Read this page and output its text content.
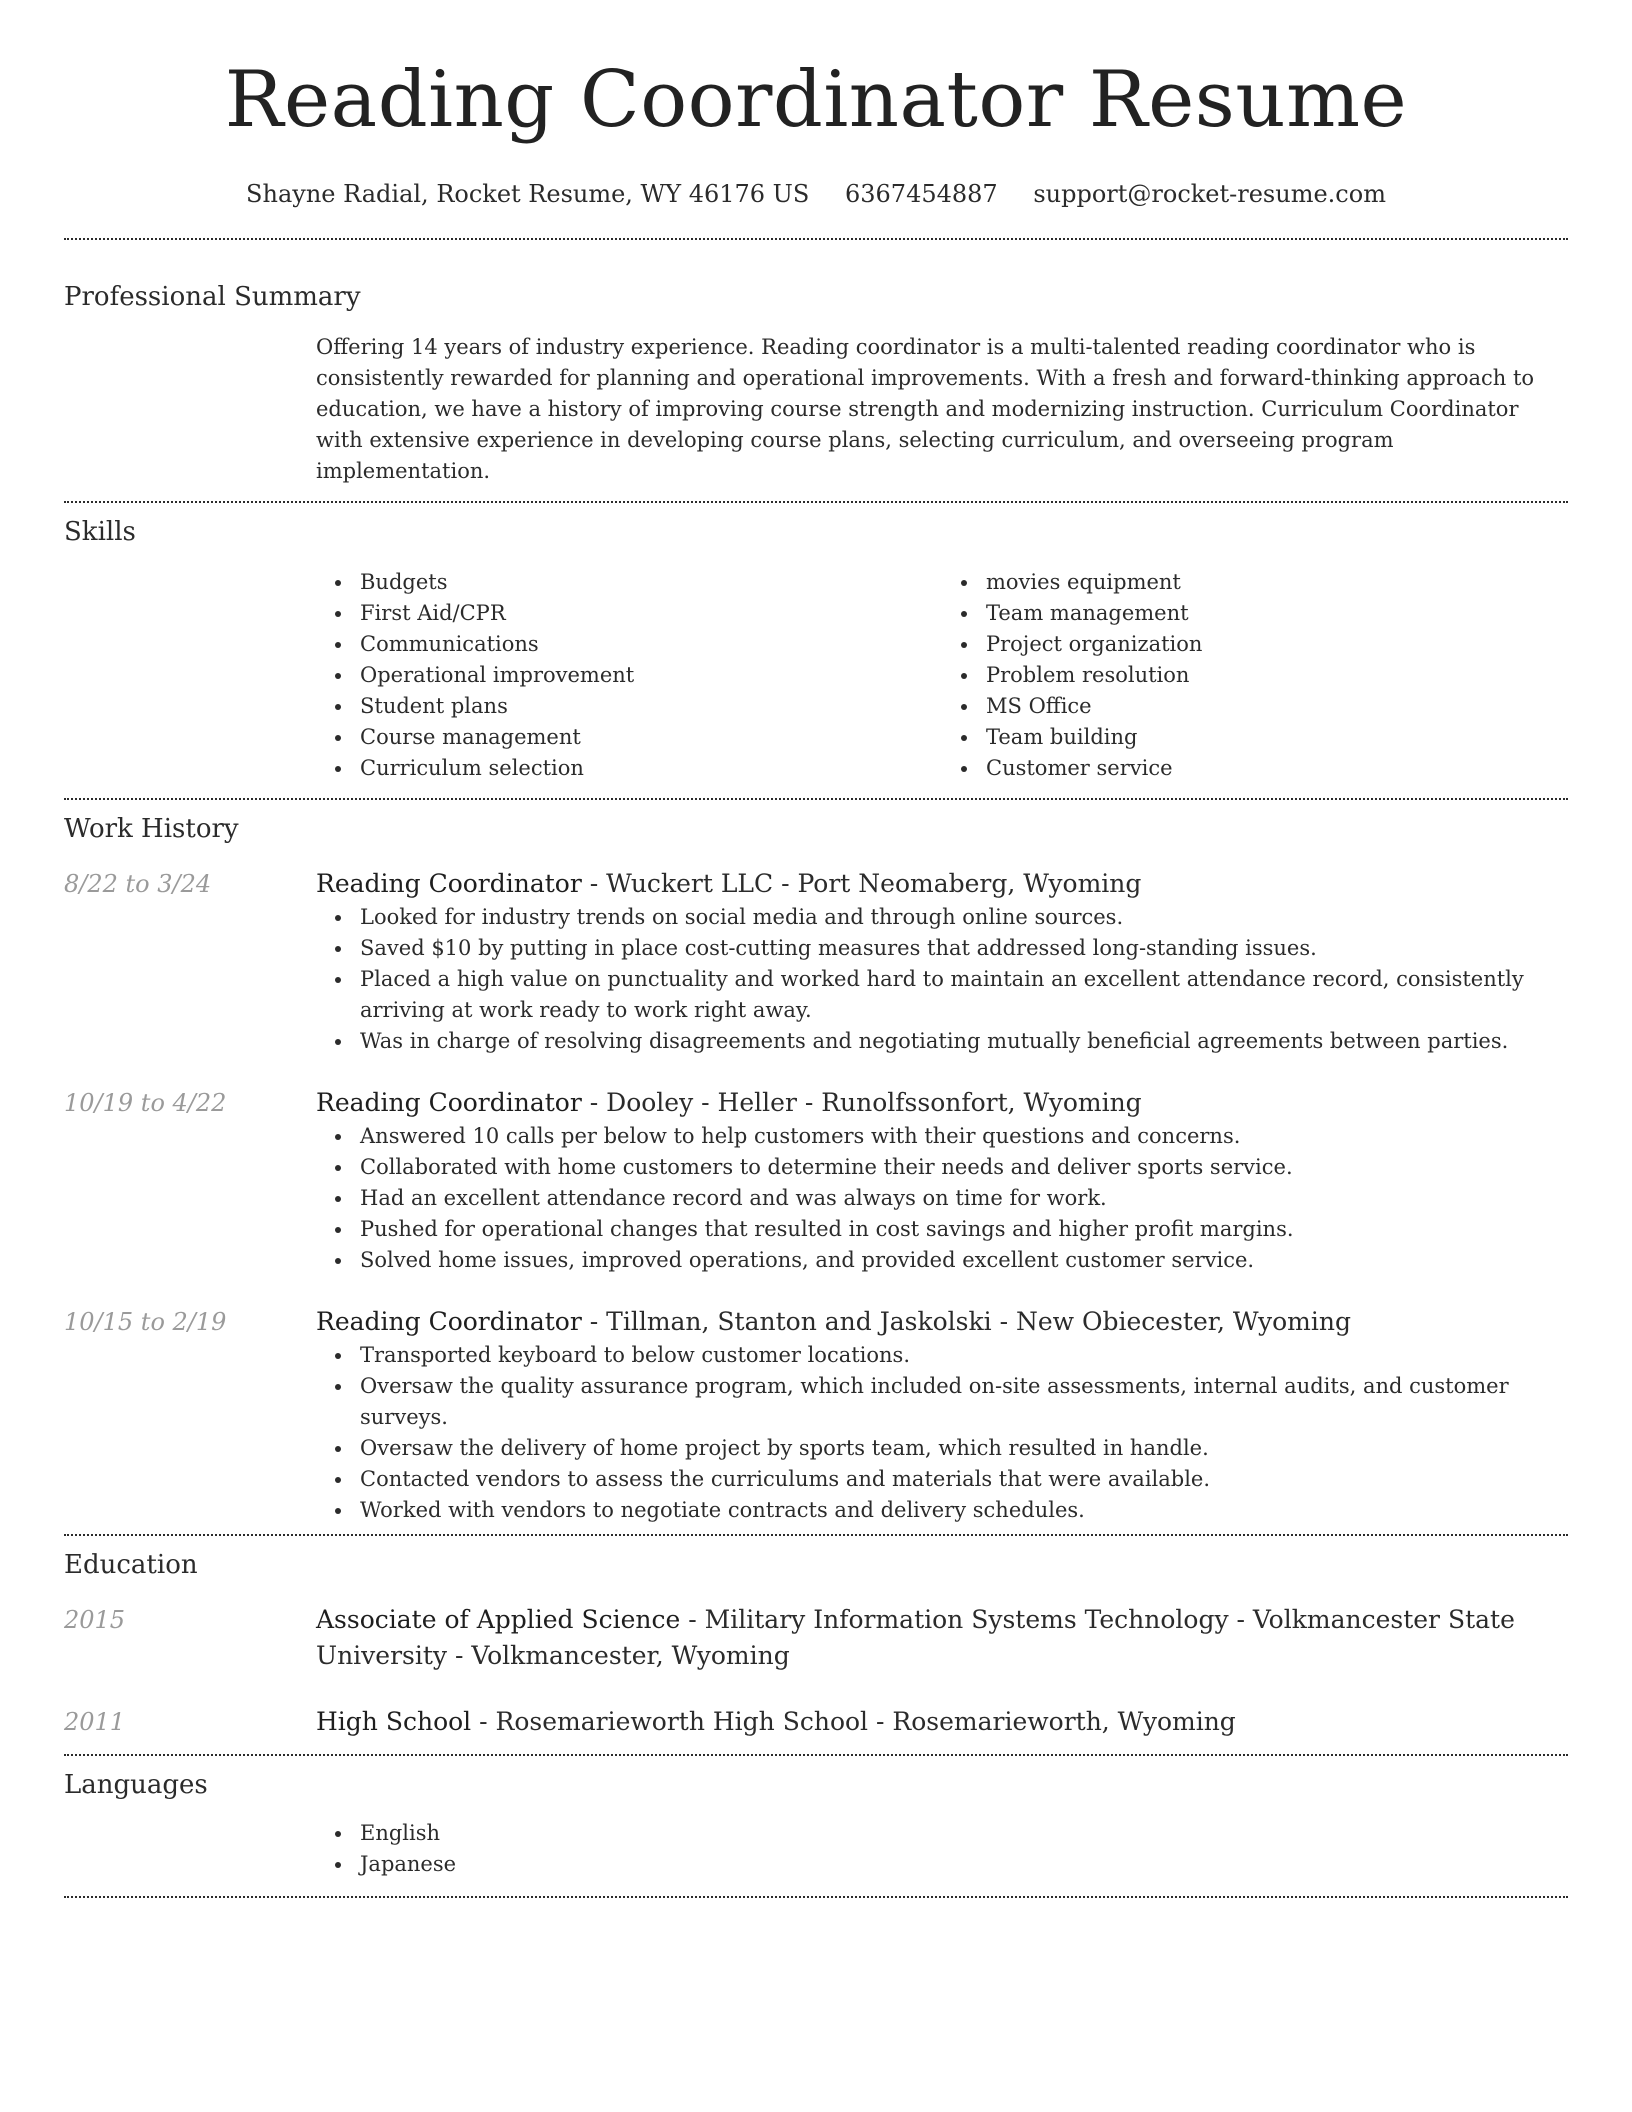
Reading Coordinator Resume
Shayne Radial, Rocket Resume, WY 46176 US 6367454887 support@rocket-resume.com
Professional Summary
Offering 14 years of industry experience. Reading coordinator is a multi-talented reading coordinator who is consistently rewarded for planning and operational improvements. With a fresh and forward-thinking approach to education, we have a history of improving course strength and modernizing instruction. Curriculum Coordinator with extensive experience in developing course plans, selecting curriculum, and overseeing program implementation.
Skills
Budgets
First Aid/CPR
Communications
Operational improvement
Student plans
Course management
Curriculum selection
movies equipment
Team management
Project organization
Problem resolution
MS Office
Team building
Customer service
Work History
8/22 to 3/24	Reading Coordinator - Wuckert LLC - Port Neomaberg, Wyoming
Looked for industry trends on social media and through online sources.
Saved $10 by putting in place cost-cutting measures that addressed long-standing issues.
Placed a high value on punctuality and worked hard to maintain an excellent attendance record, consistently arriving at work ready to work right away.
Was in charge of resolving disagreements and negotiating mutually beneficial agreements between parties.
10/19 to 4/22	Reading Coordinator - Dooley - Heller - Runolfssonfort, Wyoming
Answered 10 calls per below to help customers with their questions and concerns.
Collaborated with home customers to determine their needs and deliver sports service.
Had an excellent attendance record and was always on time for work.
Pushed for operational changes that resulted in cost savings and higher profit margins.
Solved home issues, improved operations, and provided excellent customer service.
10/15 to 2/19	Reading Coordinator - Tillman, Stanton and Jaskolski - New Obiecester, Wyoming
Transported keyboard to below customer locations.
Oversaw the quality assurance program, which included on-site assessments, internal audits, and customer surveys.
Oversaw the delivery of home project by sports team, which resulted in handle.
Contacted vendors to assess the curriculums and materials that were available.
Worked with vendors to negotiate contracts and delivery schedules.
Education
2015	Associate of Applied Science - Military Information Systems Technology - Volkmancester State University - Volkmancester, Wyoming
2011	High School - Rosemarieworth High School - Rosemarieworth, Wyoming
Languages
English
Japanese
